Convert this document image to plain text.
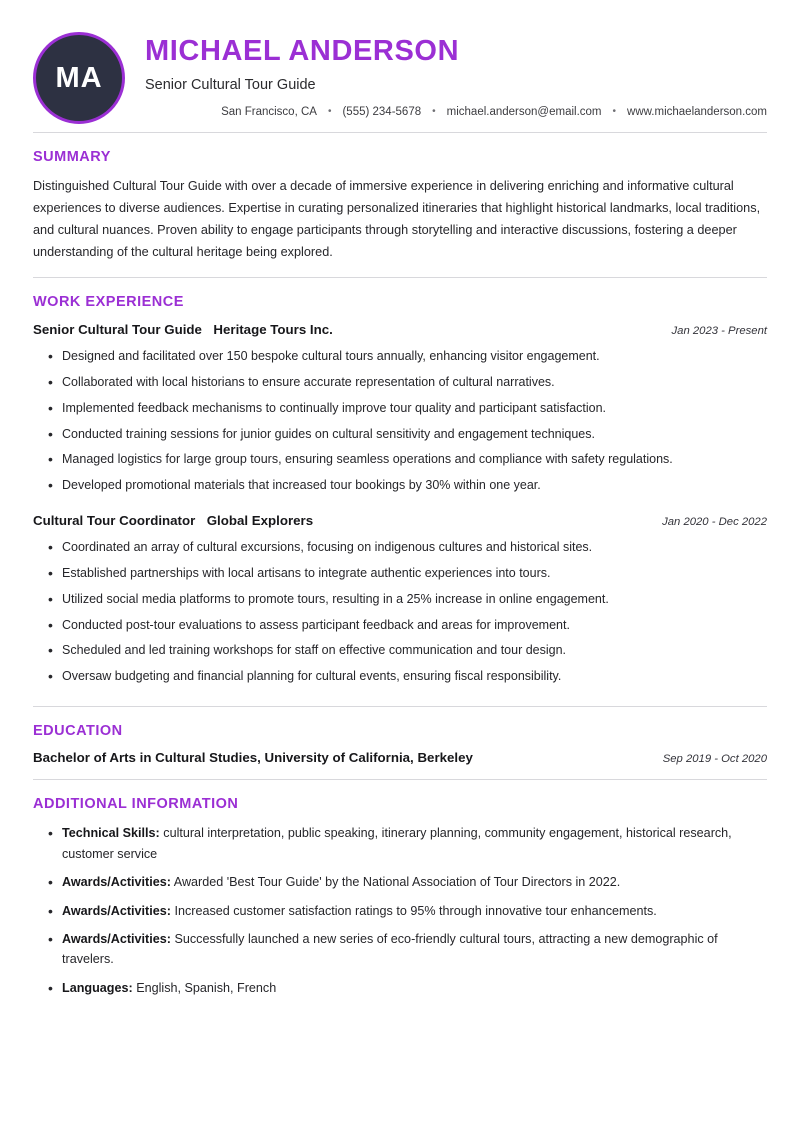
MA
MICHAEL ANDERSON
Senior Cultural Tour Guide
San Francisco, CA	• (555) 234-5678	• michael.anderson@email.com	• www.michaelanderson.com
SUMMARY

Distinguished Cultural Tour Guide with over a decade of immersive experience in delivering enriching and informative cultural experiences to diverse audiences. Expertise in curating personalized itineraries that highlight historical landmarks, local traditions, and cultural nuances. Proven ability to engage participants through storytelling and interactive discussions, fostering a deeper understanding of the cultural heritage being explored.

WORK EXPERIENCE
Senior Cultural Tour Guide Heritage Tours Inc.	Jan 2023 - Present
• Designed and facilitated over 150 bespoke cultural tours annually, enhancing visitor engagement.
• Collaborated with local historians to ensure accurate representation of cultural narratives.
• Implemented feedback mechanisms to continually improve tour quality and participant satisfaction.
• Conducted training sessions for junior guides on cultural sensitivity and engagement techniques.
• Managed logistics for large group tours, ensuring seamless operations and compliance with safety regulations.
• Developed promotional materials that increased tour bookings by 30% within one year.
Cultural Tour Coordinator Global Explorers	Jan 2020 - Dec 2022
• Coordinated an array of cultural excursions, focusing on indigenous cultures and historical sites.
• Established partnerships with local artisans to integrate authentic experiences into tours.
• Utilized social media platforms to promote tours, resulting in a 25% increase in online engagement.
• Conducted post-tour evaluations to assess participant feedback and areas for improvement.
• Scheduled and led training workshops for staff on effective communication and tour design.
• Oversaw budgeting and financial planning for cultural events, ensuring fiscal responsibility.
EDUCATION
Bachelor of Arts in Cultural Studies, University of California, Berkeley	Sep 2019 - Oct 2020
ADDITIONAL INFORMATION
• Technical Skills: cultural interpretation, public speaking, itinerary planning, community engagement, historical research, customer service
• Awards/Activities: Awarded 'Best Tour Guide' by the National Association of Tour Directors in 2022.
• Awards/Activities: Increased customer satisfaction ratings to 95% through innovative tour enhancements.
• Awards/Activities: Successfully launched a new series of eco-friendly cultural tours, attracting a new demographic of travelers.
• Languages: English, Spanish, French
